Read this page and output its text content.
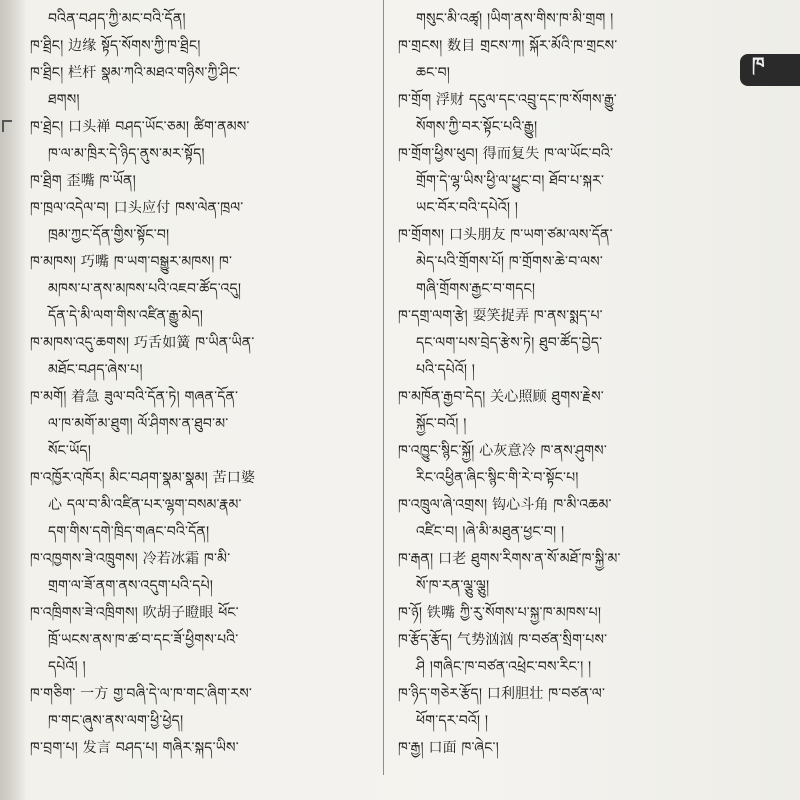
བའིན་བཤད་ཀྱི་མང་བའི་དོན།
ཁ་ཐྲིང། 边缘 སྟོད་སོགས་ཀྱི་ཁ་ཐྲིང།
ཁ་ཐྲིང། 栏杆 སྣམ་ཀའི་མཐའ་གཉིས་ཀྱི་ཤིང་
ཐགས།
ཁ་ཐྲེང། 口头禅 བཤད་ཡོང་ཅམ། ཚིག་ནམས་
ཁ་ལ་མ་ཁྲིར་དེ་ཉིད་ནུས་མར་སྟོད།
ཁ་ཐྲིག 歪嘴 ཁ་ཡོན།
ཁ་ཁྲལ་འདེལ་བ། 口头应付 ཁས་ལེན་ཁྲལ་
ཁྲམ་ཀྱང་དོན་གྱིས་སྟོང་བ།
ཁ་མཁས། 巧嘴 ཁ་ཡག་བསྒྱུར་མཁས། ཁ་
མཁས་པ་ནས་མཁས་པའི་འཇབ་ཚོད་འདུ།
དོན་དེ་མི་ལག་གིས་འཛིན་རྒྱུ་མེད།
ཁ་མཁས་འདུ་ཆགས། 巧舌如簧 ཁ་ཡིན་ཡིན་
མཐོང་བཤད་ཞེས་པ།
ཁ་མགོ། 着急 ཟུལ་བའི་དོན་ཏེ། གཞན་དོན་
ལ་ཁ་མགོ་མ་ཐུག། ལོ་ཤིགས་ན་ཐུབ་མ་
སོང་ཡོད།
ཁ་འཁྱོར་འཁོར། མིང་བཤག་སྣམ་སྣམ། 苦口婆
心 དལ་བ་མི་འཛིན་པར་ལྷག་བསམ་རྣམ་
དག་གིས་དགེ་ཁྲིད་གཞང་བའི་དོན།
ཁ་འཁྱགས་ཟེ་འཁྲུགས། 冷若冰霜 ཁ་མི་
གྲག་ལ་ཟོ་ནག་ནས་འདུག་པའི་དཔེ།
ཁ་འཁྲིགས་ཟེ་འཁྲིགས། 吹胡子瞪眼 ཕོང་
ཁྲོ་ཡངས་ནས་ཁ་ཚ་བ་དང་ཟོ་ཕྱིགས་པའི་
དཔེའོ། །
ཁ་གཅིག་ 一方 གྱ་བཞི་དེ་ལ་ཁ་གང་ཞིག་རས་
ཁ་གང་ཞུས་ནས་ལག་ཕྱི་ཕྱེད།
ཁ་བྲག་པ། 发言 བཤད་པ། གཞིར་སྐད་ཡིས་
གསུང་མི་འཚྭ། །ཡིག་ནས་གིས་ཁ་མི་གྲག །
ཁ་གྲངས། 数目 གྲངས་ཀ། སྐོར་མོའི་ཁ་གྲངས་
ཆང་བ།
ཁ་གྲོག 浮财 དངུལ་དང་འབྲུ་དང་ཁ་སོགས་རྒྱུ་
སོགས་ཀྱི་བར་སྟོང་པའི་རྒྱུ།
ཁ་གྲོག་ཕྱིས་ཕུབ། 得而复失 ཁ་ལ་ཡོང་བའི་
གྲོག་དེ་ལྷ་ཡིས་ཕྱི་ལ་ཕྱུང་བ། ཐོབ་པ་སྐར་
ཡང་བོར་བའི་དཔེའོ། །
ཁ་གྲོགས། 口头朋友 ཁ་ཡག་ཙམ་ལས་དོན་
མེད་པའི་གྲོགས་པོ། ཁ་གྲོགས་ཆེ་བ་ལས་
གཞི་གྲོགས་རྒྱང་བ་གདང།
ཁ་དགྲ་ལག་རྩེ། 耍笑捉弄 ཁ་ནས་སྨད་པ་
དང་ལག་པས་བྲེད་རྩེས་ཏེ། ཐུབ་ཚོད་བྱེད་
པའི་དཔེའོ། །
ཁ་མཁོན་རྒྱབ་དེད། 关心照顾 ཐུགས་རྗེས་
སྐྱོང་བའོ། །
ཁ་འཁྱུང་སྙིང་སྐྱོ། 心灰意冷 ཁ་ནས་ཤུགས་
རིང་འཕྱིན་ཞིང་སྙིང་གི་རེ་བ་སྟོང་པ།
ཁ་འཁྲུལ་ཞེ་འགྲས། 钩心斗角 ཁ་མི་འཆམ་
འཛིང་བ། །ཞེ་མི་མཐུན་ཕྱང་བ། །
ཁ་རྒན། 口老 ཐུགས་རིགས་ན་སོ་མཐོ་ཁ་སྐྱི་མ་
སོ་ཁ་རན་ལྕུ་ལྕུ།
ཁ་ཉོ། 铁嘴 ཀྱི་རུ་སོགས་པ་སྐྱ་ཁ་མཁས་པ།
ཁ་རྩོད་རྩོད། 气势汹汹 ཁ་བཙན་སྲིག་པས་
ཤི །གཞིང་ཁ་བཙན་འཕྲེང་བས་རིང་། །
ཁ་ཉིད་གཅེར་རྩོད། 口利胆壮 ཁ་བཙན་ལ་
ཕོག་དར་བའོ། །
ཁ་རྒྱ། 口面 ཁ་ཞེང་།
ཁ
